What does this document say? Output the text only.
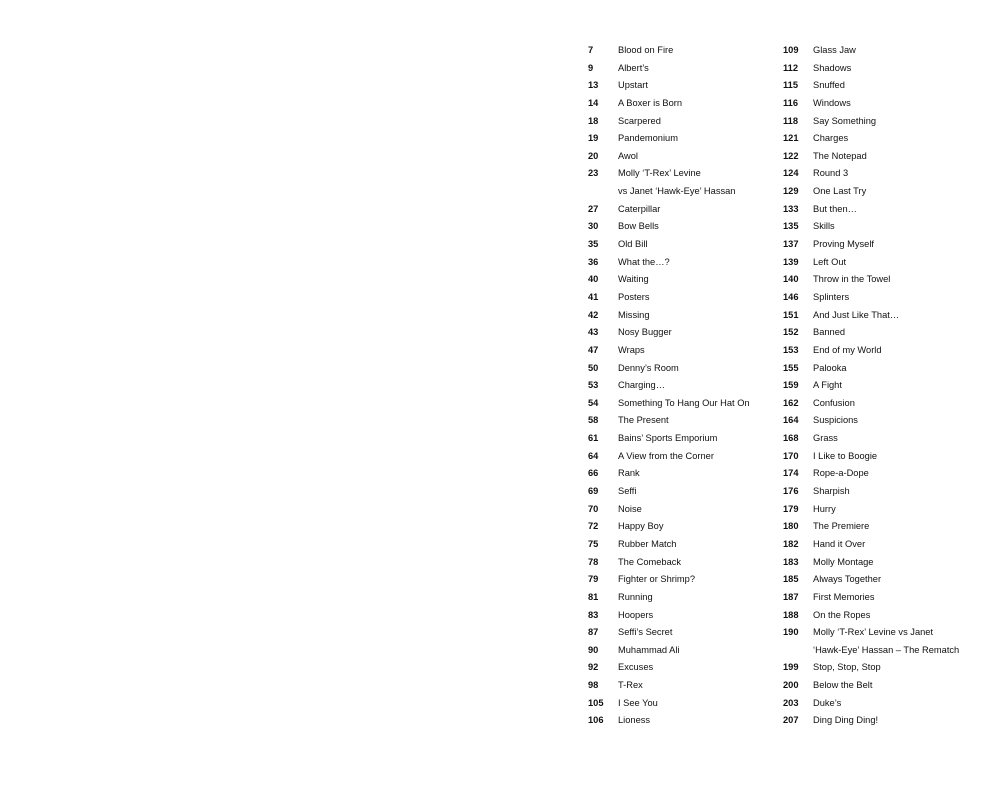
7	Blood on Fire
9	Albert’s
13	Upstart
14	A Boxer is Born
18	Scarpered
19	Pandemonium
20	Awol
23	Molly ‘T-Rex’ Levine
vs Janet ‘Hawk-Eye’ Hassan
27	Caterpillar
30	Bow Bells
35	Old Bill
36	What the…?
40	Waiting
41	Posters
42	Missing
43	Nosy Bugger
47	Wraps
50	Denny’s Room
53	Charging…
54	Something To Hang Our Hat On
58	The Present
61	Bains’ Sports Emporium
64	A View from the Corner
66	Rank
69	Seffi
70	Noise
72	Happy Boy
75	Rubber Match
78	The Comeback
79	Fighter or Shrimp?
81	Running
83	Hoopers
87	Seffi’s Secret
90	Muhammad Ali
92	Excuses
98	T-Rex
105	I See You
106	Lioness
109	Glass Jaw
112	Shadows
115	Snuffed
116	Windows
118	Say Something
121	Charges
122	The Notepad
124	Round 3
129	One Last Try
133	But then…
135	Skills
137	Proving Myself
139	Left Out
140	Throw in the Towel
146	Splinters
151	And Just Like That…
152	Banned
153	End of my World
155	Palooka
159	A Fight
162	Confusion
164	Suspicions
168	Grass
170	I Like to Boogie
174	Rope-a-Dope
176	Sharpish
179	Hurry
180	The Premiere
182	Hand it Over
183	Molly Montage
185	Always Together
187	First Memories
188	On the Ropes
190	Molly ‘T-Rex’ Levine vs Janet
‘Hawk-Eye’ Hassan – The Rematch
199	Stop, Stop, Stop
200	Below the Belt
203	Duke’s
207	Ding Ding Ding!
